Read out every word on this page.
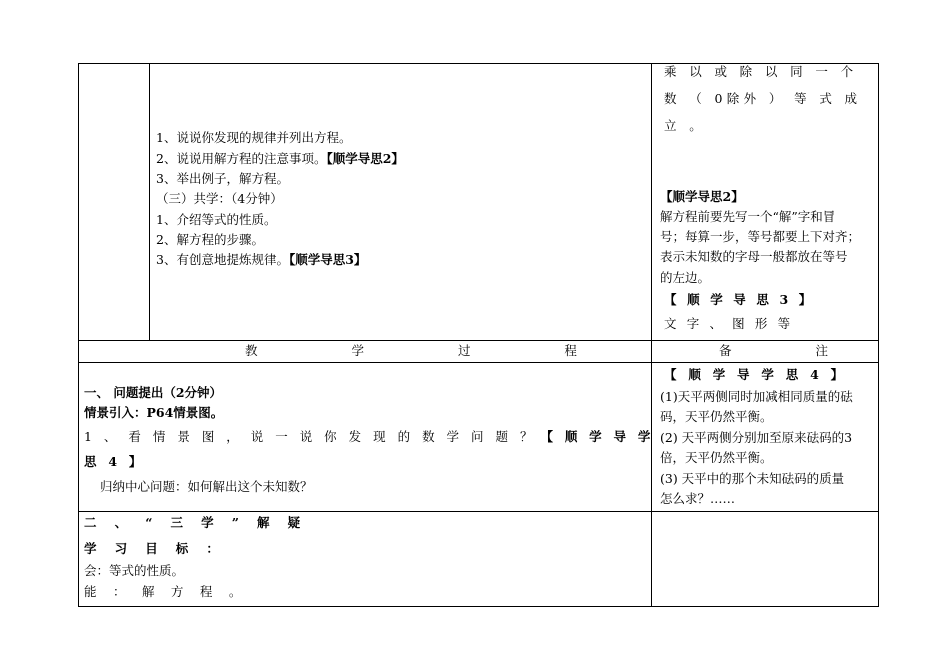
1、说说你发现的规律并列出方程。
2、说说用解方程的注意事项。【顺学导思2】
3、举出例子，解方程。
（三）共学：（4分钟）
1、介绍等式的性质。
2、解方程的步骤。
3、有创意地提炼规律。【顺学导思3】
乘 以 或 除 以 同 一 个
数 （ 0除外 ） 等 式 成
立 。
【顺学导思2】
解方程前要先写一个“解”字和冒
号；每算一步，等号都要上下对齐；
表示未知数的字母一般都放在等号
的左边。
【 顺 学 导 思 3 】
文 字 、 图 形 等
教 学 过 程	备 注
一、 问题提出（2分钟）
情景引入：P64情景图。
1 、 看 情 景 图 ， 说 一 说 你 发 现 的 数 学 问 题 ？ 【 顺 学 导 学
思 4 】
归纳中心问题：如何解出这个未知数？
【 顺 学 导 学 思 4 】
(1)天平两侧同时加减相同质量的砝
码，天平仍然平衡。
(2) 天平两侧分别加至原来砝码的3
倍，天平仍然平衡。
(3) 天平中的那个未知砝码的质量
怎么求？……
二 、 “ 三 学 ” 解 疑
学 习 目 标 ：
会：等式的性质。
能 ： 解 方 程 。
